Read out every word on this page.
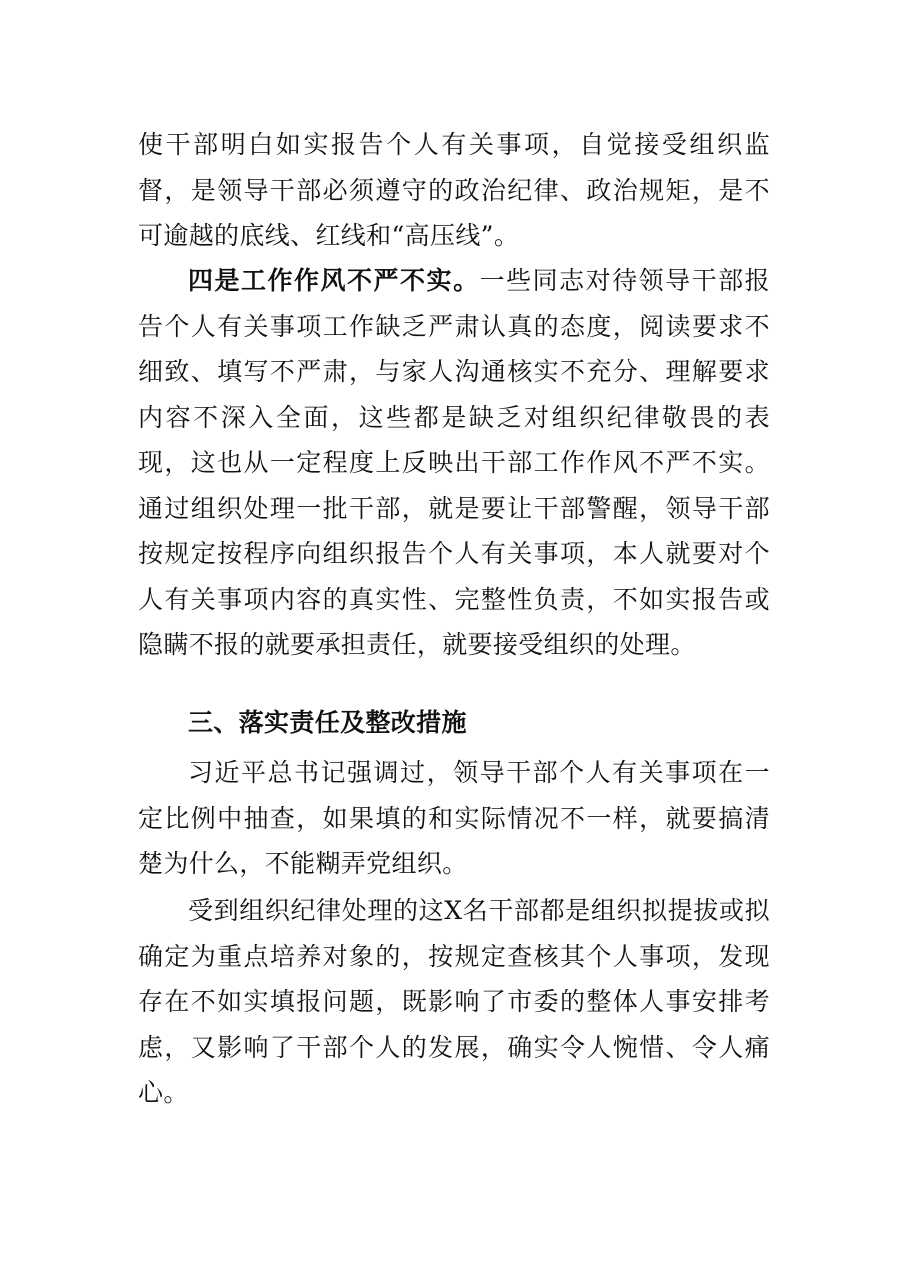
使干部明白如实报告个人有关事项，自觉接受组织监督，是领导干部必须遵守的政治纪律、政治规矩，是不可逾越的底线、红线和“高压线”。

四是工作作风不严不实。一些同志对待领导干部报告个人有关事项工作缺乏严肃认真的态度，阅读要求不细致、填写不严肃，与家人沟通核实不充分、理解要求内容不深入全面，这些都是缺乏对组织纪律敬畏的表现，这也从一定程度上反映出干部工作作风不严不实。通过组织处理一批干部，就是要让干部警醒，领导干部按规定按程序向组织报告个人有关事项，本人就要对个人有关事项内容的真实性、完整性负责，不如实报告或隐瞒不报的就要承担责任，就要接受组织的处理。

三、落实责任及整改措施

习近平总书记强调过，领导干部个人有关事项在一定比例中抽查，如果填的和实际情况不一样，就要搞清楚为什么，不能糊弄党组织。

受到组织纪律处理的这X名干部都是组织拟提拔或拟确定为重点培养对象的，按规定查核其个人事项，发现存在不如实填报问题，既影响了市委的整体人事安排考虑，又影响了干部个人的发展，确实令人惋惜、令人痛心。
